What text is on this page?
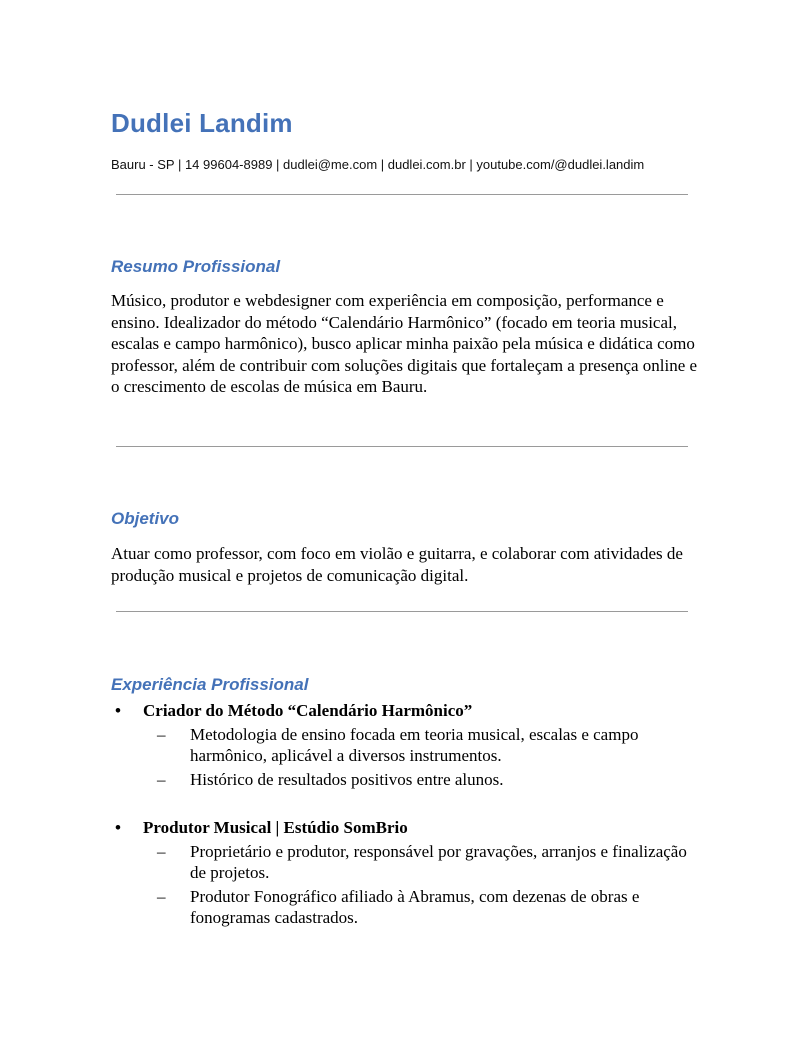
Dudlei Landim
Bauru - SP | 14 99604-8989 | dudlei@me.com | dudlei.com.br | youtube.com/@dudlei.landim
Resumo Profissional
Músico, produtor e webdesigner com experiência em composição, performance e ensino. Idealizador do método “Calendário Harmônico” (focado em teoria musical, escalas e campo harmônico), busco aplicar minha paixão pela música e didática como professor, além de contribuir com soluções digitais que fortaleçam a presença online e o crescimento de escolas de música em Bauru.
Objetivo
Atuar como professor, com foco em violão e guitarra, e colaborar com atividades de produção musical e projetos de comunicação digital.
Experiência Profissional
• Criador do Método “Calendário Harmônico”
– Metodologia de ensino focada em teoria musical, escalas e campo harmônico, aplicável a diversos instrumentos.
– Histórico de resultados positivos entre alunos.
• Produtor Musical | Estúdio SomBrio
– Proprietário e produtor, responsável por gravações, arranjos e finalização de projetos.
– Produtor Fonográfico afiliado à Abramus, com dezenas de obras e fonogramas cadastrados.
